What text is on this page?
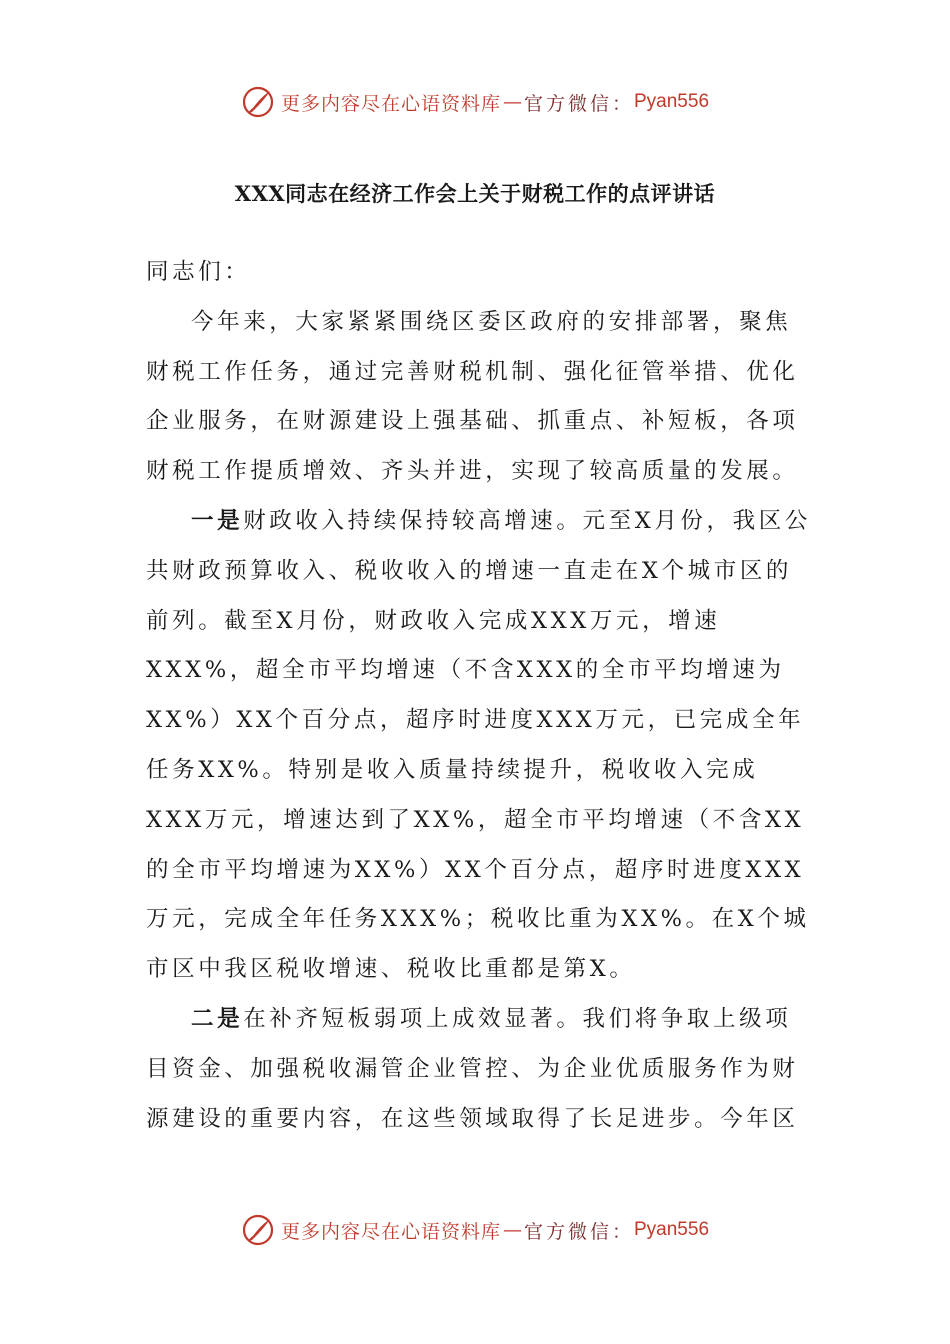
更多内容尽在心语资料库 — 官方微信： Pyan556
XXX同志在经济工作会上关于财税工作的点评讲话

同志们：

今年来，大家紧紧围绕区委区政府的安排部署，聚焦财税工作任务，通过完善财税机制、强化征管举措、优化企业服务，在财源建设上强基础、抓重点、补短板，各项财税工作提质增效、齐头并进，实现了较高质量的发展。

一是财政收入持续保持较高增速。元至X月份，我区公共财政预算收入、税收收入的增速一直走在X个城市区的前列。截至X月份，财政收入完成XXX万元，增速XXX%，超全市平均增速（不含XXX的全市平均增速为XX%）XX个百分点，超序时进度XXX万元，已完成全年任务XX%。特别是收入质量持续提升，税收收入完成XXX万元，增速达到了XX%，超全市平均增速（不含XX的全市平均增速为XX%）XX个百分点，超序时进度XXX万元，完成全年任务XXX%；税收比重为XX%。在X个城市区中我区税收增速、税收比重都是第X。

二是在补齐短板弱项上成效显著。我们将争取上级项目资金、加强税收漏管企业管控、为企业优质服务作为财源建设的重要内容，在这些领域取得了长足进步。今年区

更多内容尽在心语资料库 — 官方微信： Pyan556
